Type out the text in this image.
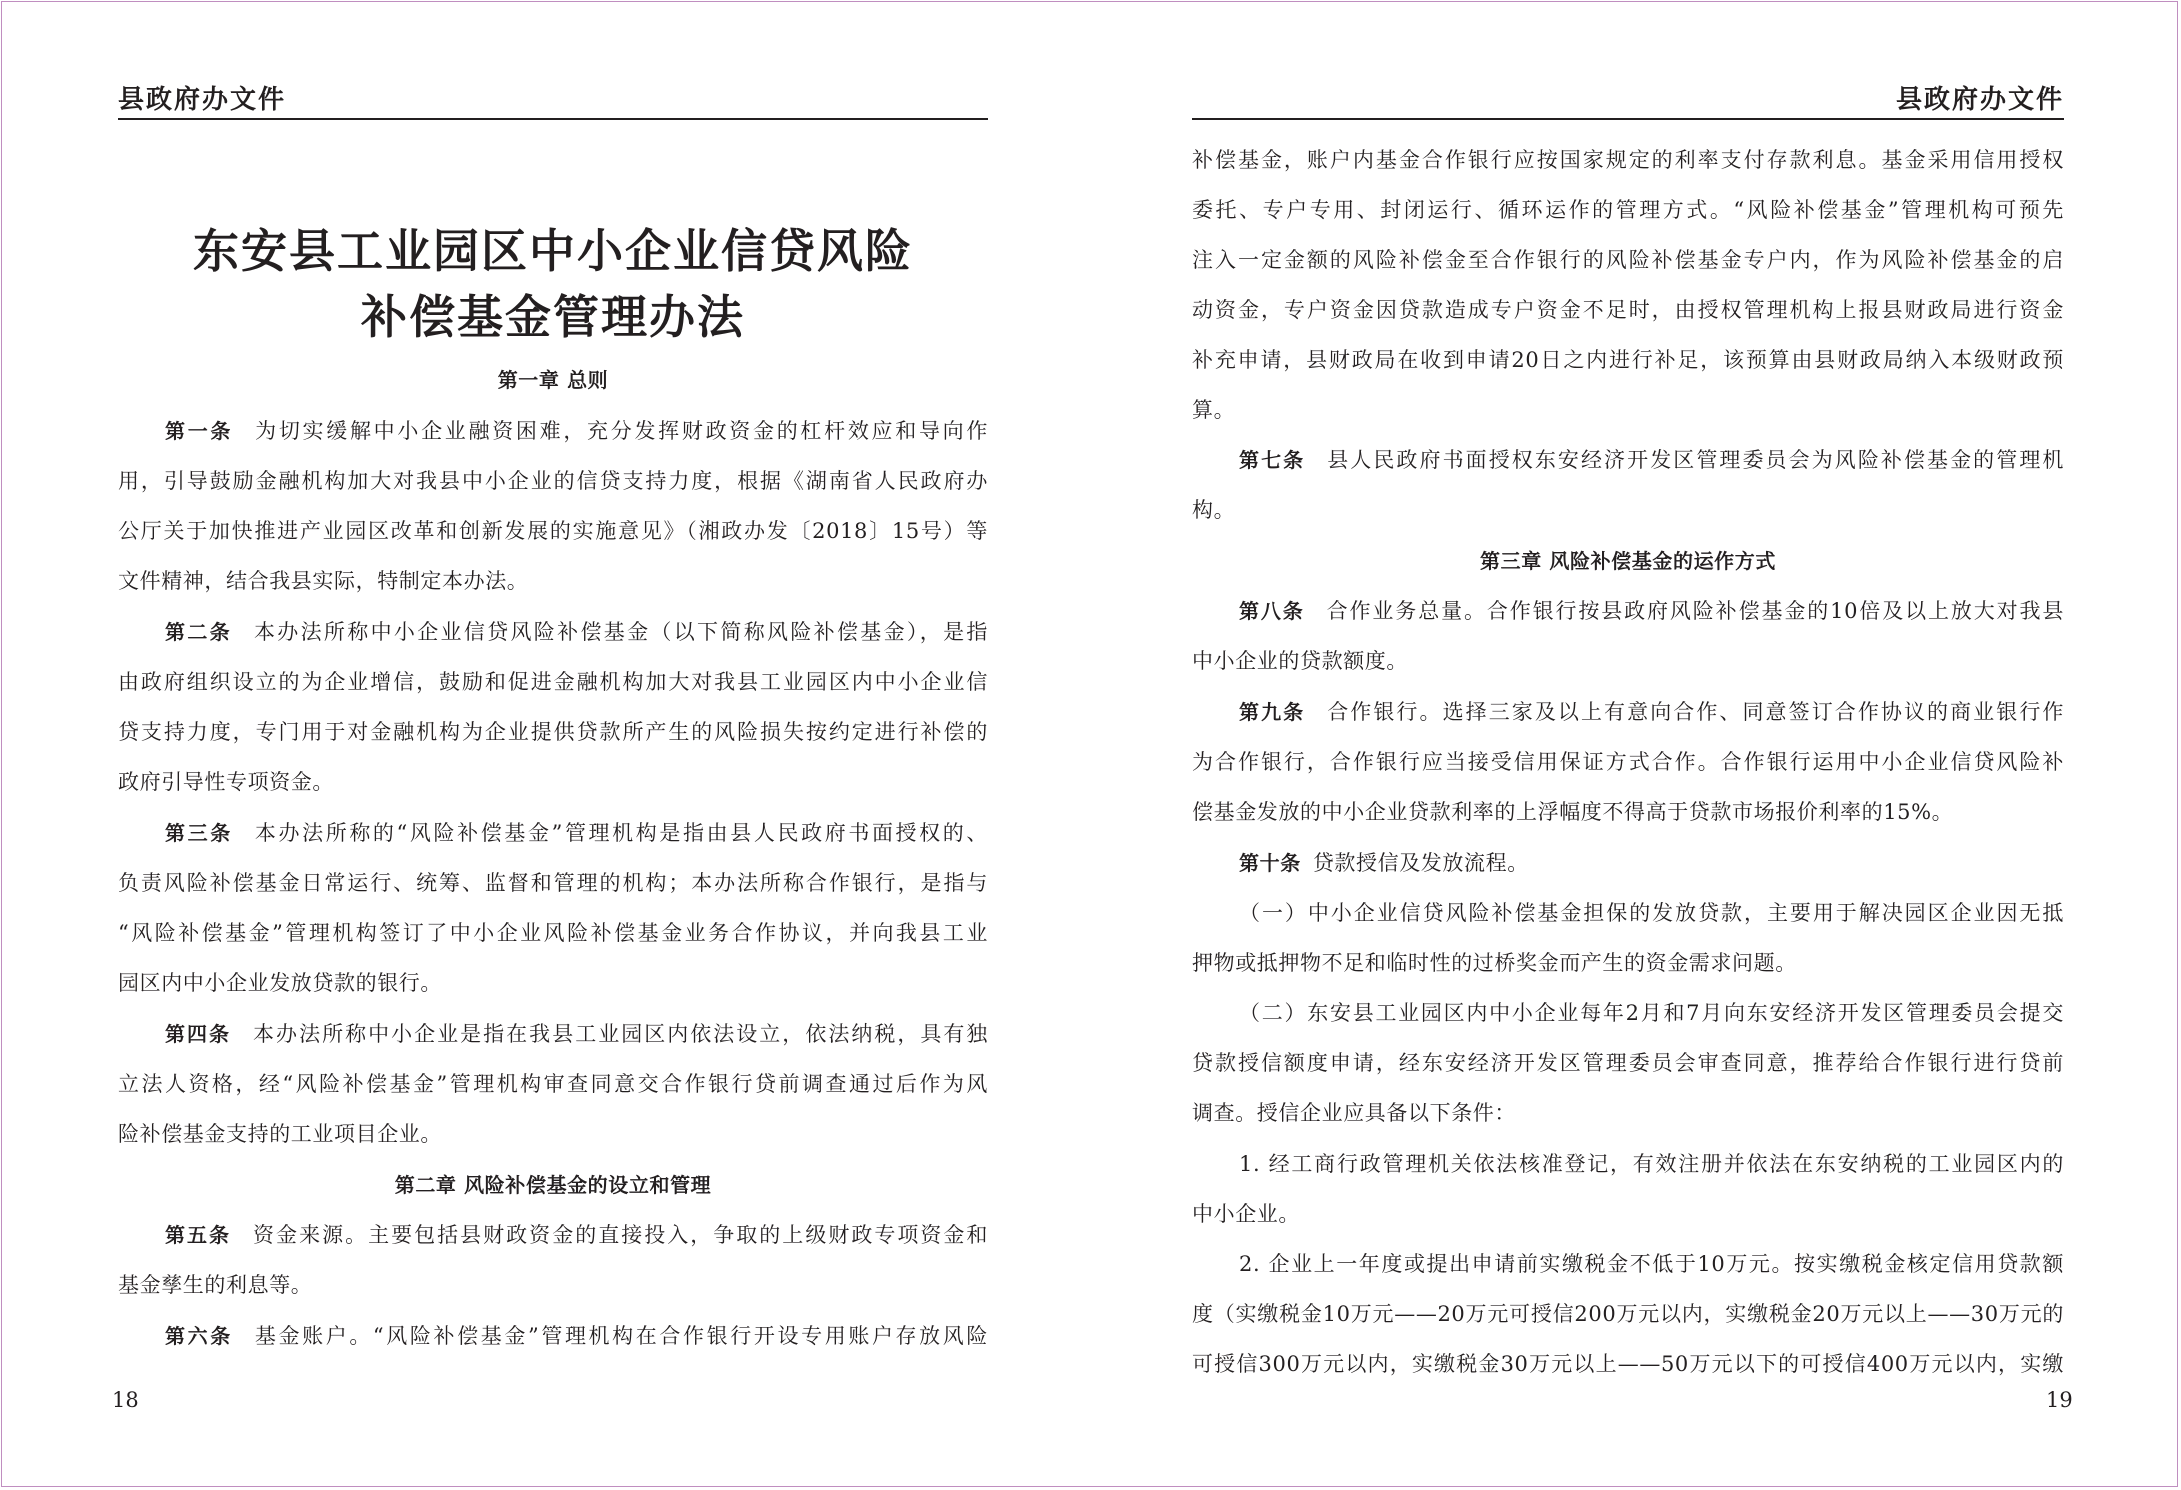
县政府办文件	县政府办文件
东安县工业园区中小企业信贷风险
补偿基金管理办法
第一章 总则
第一条 为切实缓解中小企业融资困难，充分发挥财政资金的杠杆效应和导向作
用，引导鼓励金融机构加大对我县中小企业的信贷支持力度，根据《湖南省人民政府办
公厅关于加快推进产业园区改革和创新发展的实施意见》（湘政办发〔2018〕15号）等
文件精神，结合我县实际，特制定本办法。
第二条 本办法所称中小企业信贷风险补偿基金（以下简称风险补偿基金），是指
由政府组织设立的为企业增信，鼓励和促进金融机构加大对我县工业园区内中小企业信
贷支持力度，专门用于对金融机构为企业提供贷款所产生的风险损失按约定进行补偿的
政府引导性专项资金。
第三条 本办法所称的“风险补偿基金”管理机构是指由县人民政府书面授权的、
负责风险补偿基金日常运行、统筹、监督和管理的机构；本办法所称合作银行，是指与
“风险补偿基金”管理机构签订了中小企业风险补偿基金业务合作协议，并向我县工业
园区内中小企业发放贷款的银行。
第四条 本办法所称中小企业是指在我县工业园区内依法设立，依法纳税，具有独
立法人资格，经“风险补偿基金”管理机构审查同意交合作银行贷前调查通过后作为风
险补偿基金支持的工业项目企业。
第二章 风险补偿基金的设立和管理
第五条 资金来源。主要包括县财政资金的直接投入，争取的上级财政专项资金和
基金孳生的利息等。
第六条 基金账户。“风险补偿基金”管理机构在合作银行开设专用账户存放风险
补偿基金，账户内基金合作银行应按国家规定的利率支付存款利息。基金采用信用授权
委托、专户专用、封闭运行、循环运作的管理方式。“风险补偿基金”管理机构可预先
注入一定金额的风险补偿金至合作银行的风险补偿基金专户内，作为风险补偿基金的启
动资金，专户资金因贷款造成专户资金不足时，由授权管理机构上报县财政局进行资金
补充申请，县财政局在收到申请20日之内进行补足，该预算由县财政局纳入本级财政预
算。
第七条 县人民政府书面授权东安经济开发区管理委员会为风险补偿基金的管理机
构。
第三章 风险补偿基金的运作方式
第八条 合作业务总量。合作银行按县政府风险补偿基金的10倍及以上放大对我县
中小企业的贷款额度。
第九条 合作银行。选择三家及以上有意向合作、同意签订合作协议的商业银行作
为合作银行，合作银行应当接受信用保证方式合作。合作银行运用中小企业信贷风险补
偿基金发放的中小企业贷款利率的上浮幅度不得高于贷款市场报价利率的15%。
第十条 贷款授信及发放流程。
（一）中小企业信贷风险补偿基金担保的发放贷款，主要用于解决园区企业因无抵
押物或抵押物不足和临时性的过桥奖金而产生的资金需求问题。
（二）东安县工业园区内中小企业每年2月和7月向东安经济开发区管理委员会提交
贷款授信额度申请，经东安经济开发区管理委员会审查同意，推荐给合作银行进行贷前
调查。授信企业应具备以下条件：
1. 经工商行政管理机关依法核准登记，有效注册并依法在东安纳税的工业园区内的
中小企业。
2. 企业上一年度或提出申请前实缴税金不低于10万元。按实缴税金核定信用贷款额
度（实缴税金10万元——20万元可授信200万元以内，实缴税金20万元以上——30万元的
可授信300万元以内，实缴税金30万元以上——50万元以下的可授信400万元以内，实缴
18	19
